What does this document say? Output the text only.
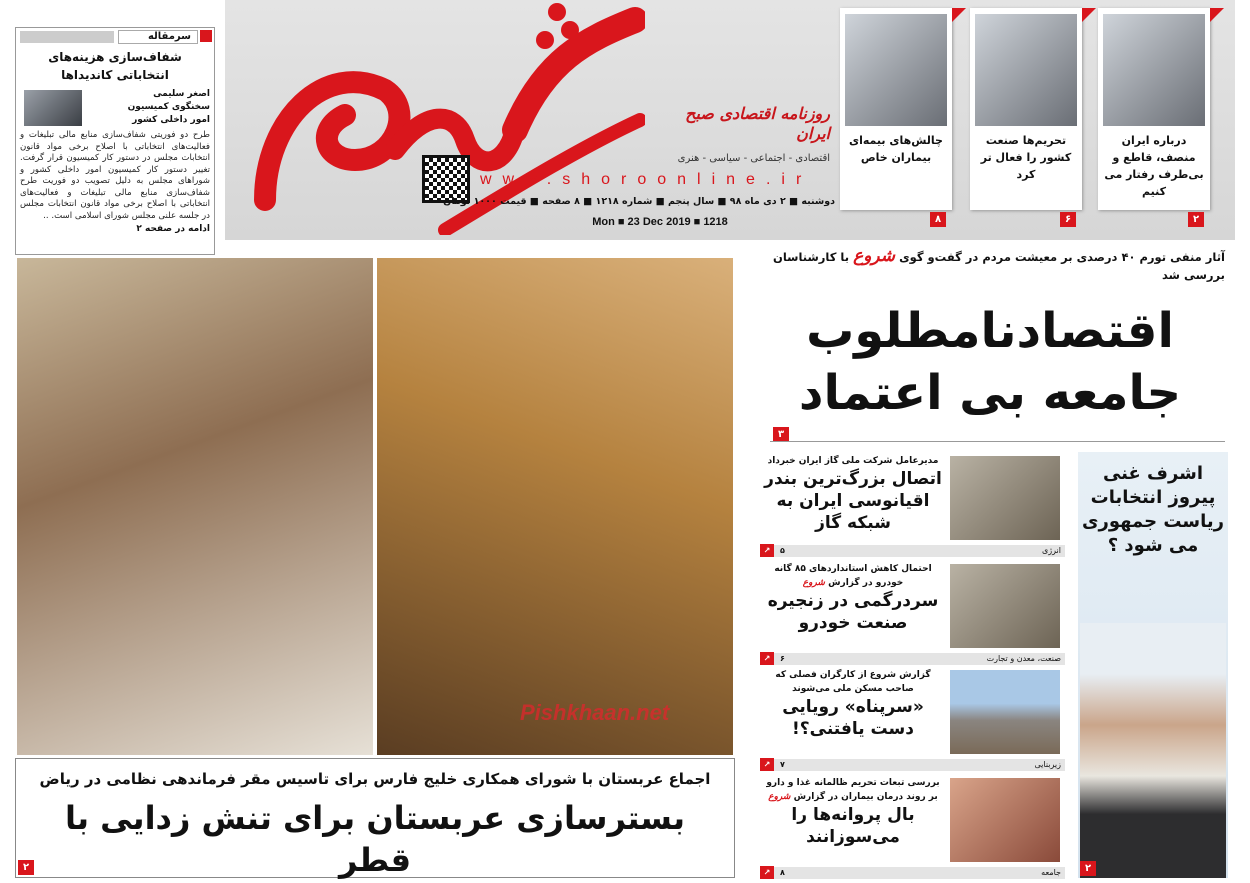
روزنامه اقتصادی صبح ایران
اقتصادی - اجتماعی - سیاسی - هنری
www.shoroonline.ir
دوشنبه ■ ۲ دی ماه ۹۸ ■ سال پنجم ■ شماره ۱۲۱۸ ■ ۸ صفحه ■ قیمت ۱۰۰۰ تومان
Mon ■ 23 Dec 2019 ■ 1218
درباره ایران منصف، قاطع و بی‌طرف رفتار می کنیم
۲
تحریم‌ها صنعت کشور را فعال تر کرد
۶
چالش‌های بیمه‌ای بیماران خاص
۸
سرمقاله
شفاف‌سازی هزینه‌های انتخاباتی کاندیداها
اصغر سلیمی
سخنگوی کمیسیون امور داخلی کشور
طرح دو فوریتی شفاف‌سازی منابع مالی تبلیغات و فعالیت‌های انتخاباتی با اصلاح برخی مواد قانون انتخابات مجلس در دستور کار کمیسیون قرار گرفت. تغییر دستور کار کمیسیون امور داخلی کشور و شوراهای مجلس به دلیل تصویب دو فوریت طرح شفاف‌سازی منابع مالی تبلیغات و فعالیت‌های انتخاباتی با اصلاح برخی مواد قانون انتخابات مجلس در جلسه علنی مجلس شورای اسلامی است. ..
ادامه در صفحه ۲
اجماع عربستان با شورای همکاری خلیج فارس برای تاسیس مقر فرماندهی نظامی در ریاض
بسترسازی عربستان برای تنش زدایی با قطر
۲
آثار منفی تورم ۴۰ درصدی بر معیشت مردم در گفت‌و گوی شروع با کارشناسان بررسی شد
اقتصادنامطلوب
جامعه بی اعتماد
۳
مدیرعامل شرکت ملی گاز ایران خبرداد
اتصال بزرگ‌ترین بندر اقیانوسی ایران به شبکه گاز
انرژی
۵
↗
احتمال کاهش استانداردهای ۸۵ گانه خودرو در گزارش شروع
سردرگمی در زنجیره صنعت خودرو
صنعت، معدن و تجارت
۶
↗
گزارش شروع از کارگران فصلی که صاحب مسکن ملی می‌شوند
«سرپناه» رویایی دست یافتنی؟!
زیربنایی
۷
↗
بررسی تبعات تحریم ظالمانه غذا و دارو بر روند درمان بیماران در گزارش شروع
بال پروانه‌ها را می‌سوزانند
جامعه
۸
↗
اشرف غنی پیروز انتخابات ریاست جمهوری می شود ؟
۲
Pishkhaan.net
